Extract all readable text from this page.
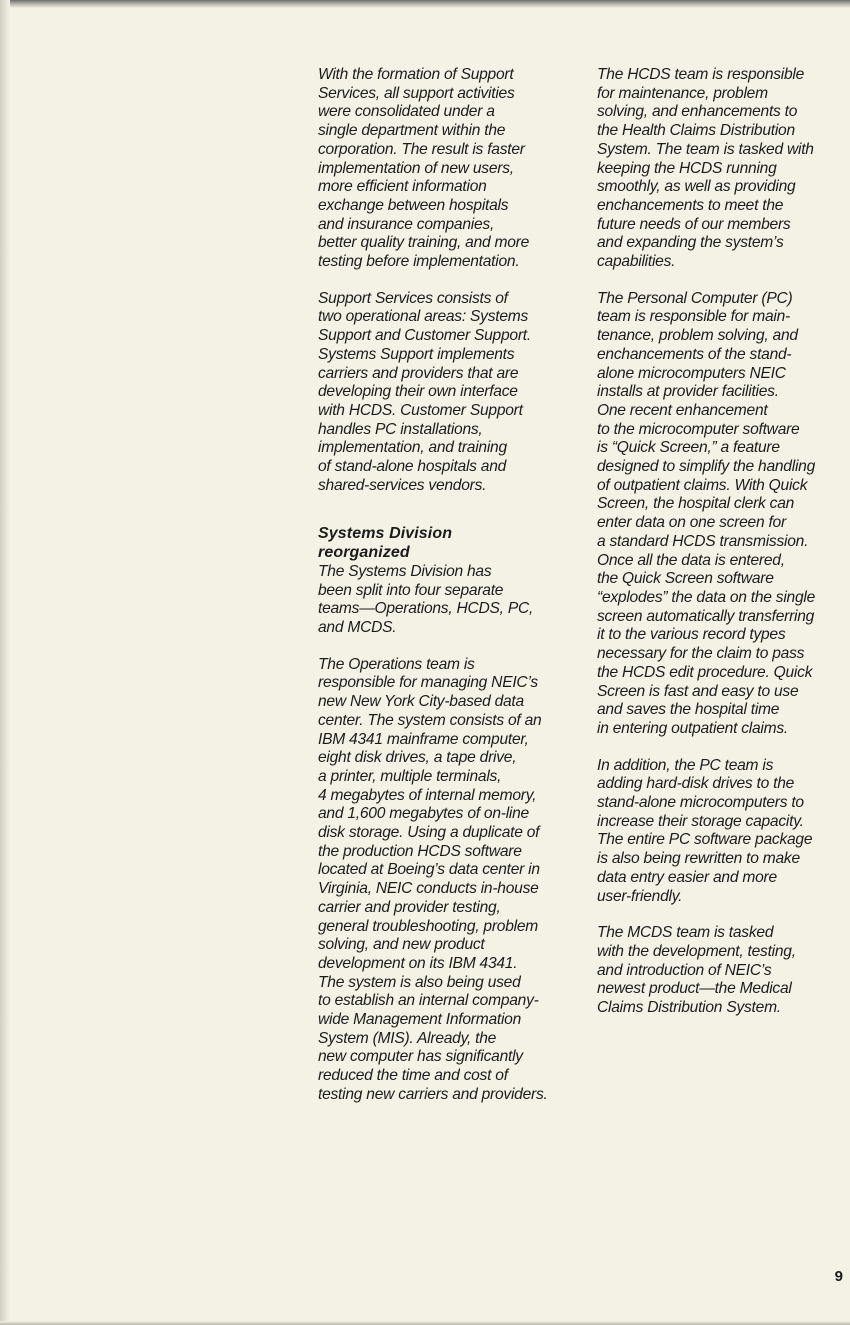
With the formation of Support
Services, all support activities
were consolidated under a
single department within the
corporation. The result is faster
implementation of new users,
more efficient information
exchange between hospitals
and insurance companies,
better quality training, and more
testing before implementation.

Support Services consists of
two operational areas: Systems
Support and Customer Support.
Systems Support implements
carriers and providers that are
developing their own interface
with HCDS. Customer Support
handles PC installations,
implementation, and training
of stand-alone hospitals and
shared-services vendors.

Systems Division
reorganized

The Systems Division has
been split into four separate
teams—Operations, HCDS, PC,
and MCDS.

The Operations team is
responsible for managing NEIC’s
new New York City-based data
center. The system consists of an
IBM 4341 mainframe computer,
eight disk drives, a tape drive,
a printer, multiple terminals,
4 megabytes of internal memory,
and 1,600 megabytes of on-line
disk storage. Using a duplicate of
the production HCDS software
located at Boeing’s data center in
Virginia, NEIC conducts in-house
carrier and provider testing,
general troubleshooting, problem
solving, and new product
development on its IBM 4341.
The system is also being used
to establish an internal company-
wide Management Information
System (MIS). Already, the
new computer has significantly
reduced the time and cost of
testing new carriers and providers.

The HCDS team is responsible
for maintenance, problem
solving, and enhancements to
the Health Claims Distribution
System. The team is tasked with
keeping the HCDS running
smoothly, as well as providing
enchancements to meet the
future needs of our members
and expanding the system’s
capabilities.

The Personal Computer (PC)
team is responsible for main-
tenance, problem solving, and
enchancements of the stand-
alone microcomputers NEIC
installs at provider facilities.
One recent enhancement
to the microcomputer software
is “Quick Screen,” a feature
designed to simplify the handling
of outpatient claims. With Quick
Screen, the hospital clerk can
enter data on one screen for
a standard HCDS transmission.
Once all the data is entered,
the Quick Screen software
“explodes” the data on the single
screen automatically transferring
it to the various record types
necessary for the claim to pass
the HCDS edit procedure. Quick
Screen is fast and easy to use
and saves the hospital time
in entering outpatient claims.

In addition, the PC team is
adding hard-disk drives to the
stand-alone microcomputers to
increase their storage capacity.
The entire PC software package
is also being rewritten to make
data entry easier and more
user-friendly.

The MCDS team is tasked
with the development, testing,
and introduction of NEIC’s
newest product—the Medical
Claims Distribution System.

9
